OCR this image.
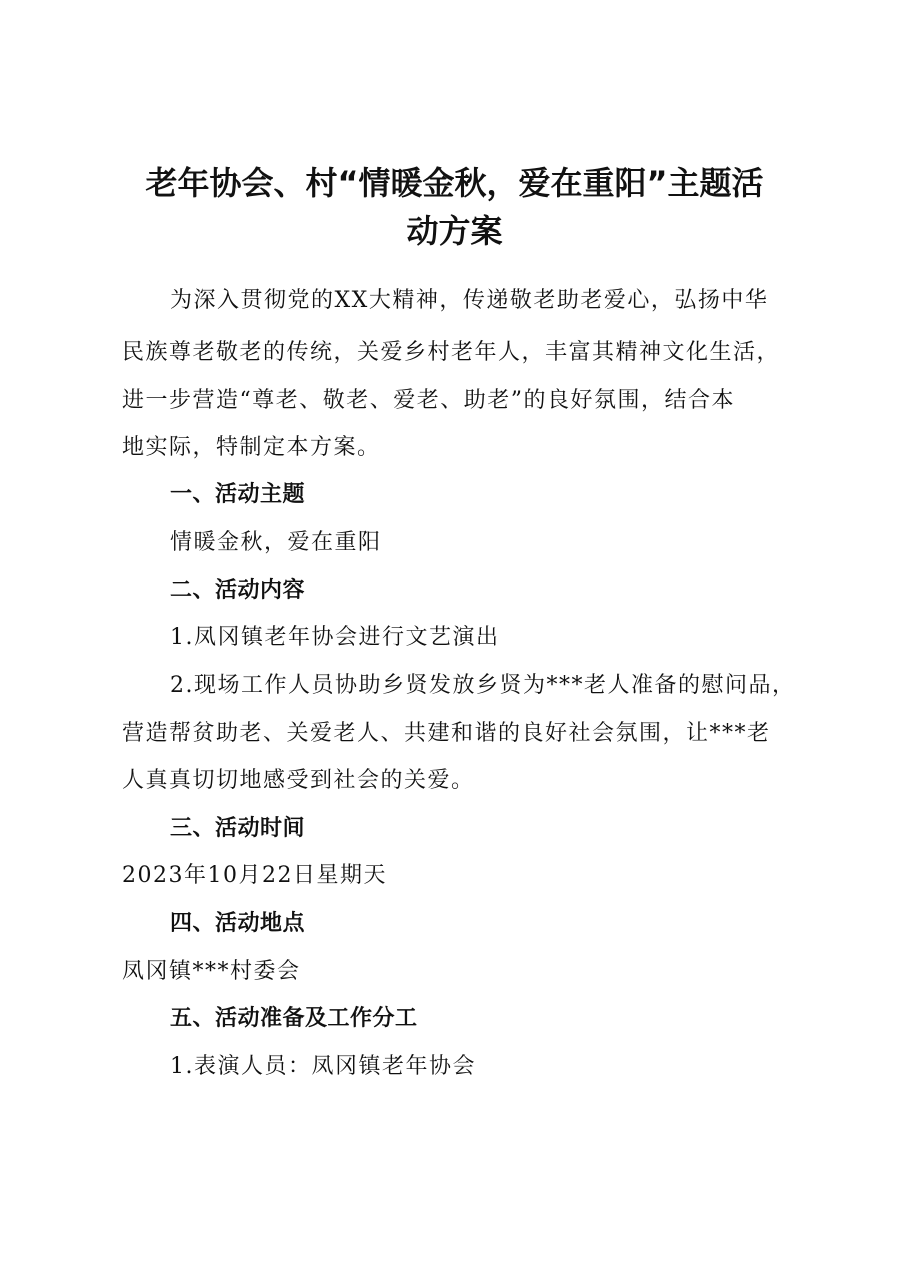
老年协会、村“情暖金秋，爱在重阳”主题活
动方案

为深入贯彻党的XX大精神，传递敬老助老爱心，弘扬中华

民族尊老敬老的传统，关爱乡村老年人，丰富其精神文化生活，

进一步营造“尊老、敬老、爱老、助老”的良好氛围，结合本

地实际，特制定本方案。

一、活动主题

情暖金秋，爱在重阳

二、活动内容

1.凤冈镇老年协会进行文艺演出

2.现场工作人员协助乡贤发放乡贤为***老人准备的慰问品，

营造帮贫助老、关爱老人、共建和谐的良好社会氛围，让***老

人真真切切地感受到社会的关爱。

三、活动时间

2023年10月22日星期天

四、活动地点

凤冈镇***村委会

五、活动准备及工作分工

1.表演人员：凤冈镇老年协会
